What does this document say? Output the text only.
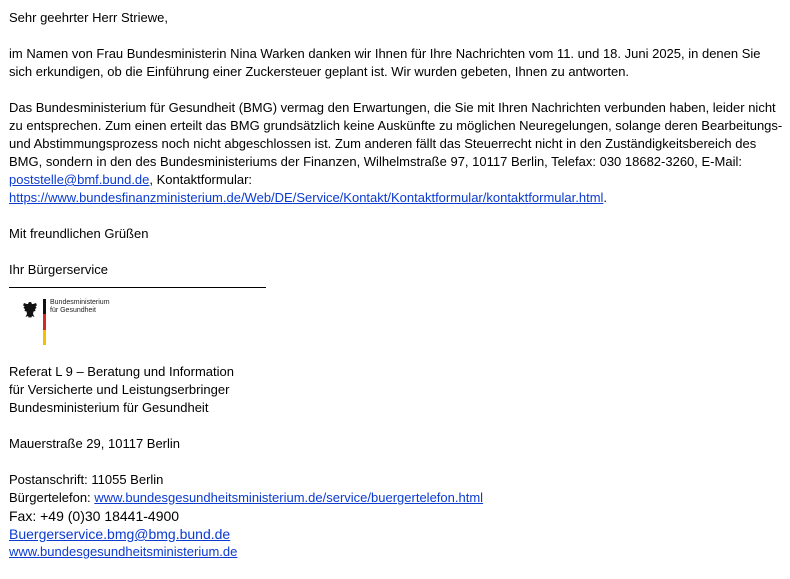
Sehr geehrter Herr Striewe,

im Namen von Frau Bundesministerin Nina Warken danken wir Ihnen für Ihre Nachrichten vom 11. und 18. Juni 2025, in denen Sie sich erkundigen, ob die Einführung einer Zuckersteuer geplant ist. Wir wurden gebeten, Ihnen zu antworten.

Das Bundesministerium für Gesundheit (BMG) vermag den Erwartungen, die Sie mit Ihren Nachrichten verbunden haben, leider nicht zu entsprechen. Zum einen erteilt das BMG grundsätzlich keine Auskünfte zu möglichen Neuregelungen, solange deren Bearbeitungs- und Abstimmungsprozess noch nicht abgeschlossen ist. Zum anderen fällt das Steuerrecht nicht in den Zuständigkeitsbereich des BMG, sondern in den des Bundesministeriums der Finanzen, Wilhelmstraße 97, 10117 Berlin, Telefax: 030 18682-3260, E-Mail: poststelle@bmf.bund.de, Kontaktformular: https://www.bundesfinanzministerium.de/Web/DE/Service/Kontakt/Kontaktformular/kontaktformular.html.

Mit freundlichen Grüßen

Ihr Bürgerservice

Bundesministerium
für Gesundheit
Referat L 9 – Beratung und Information
für Versicherte und Leistungserbringer
Bundesministerium für Gesundheit
Mauerstraße 29, 10117 Berlin
Postanschrift: 11055 Berlin
Bürgertelefon: www.bundesgesundheitsministerium.de/service/buergertelefon.html
Fax: +49 (0)30 18441-4900
Buergerservice.bmg@bmg.bund.de
www.bundesgesundheitsministerium.de
